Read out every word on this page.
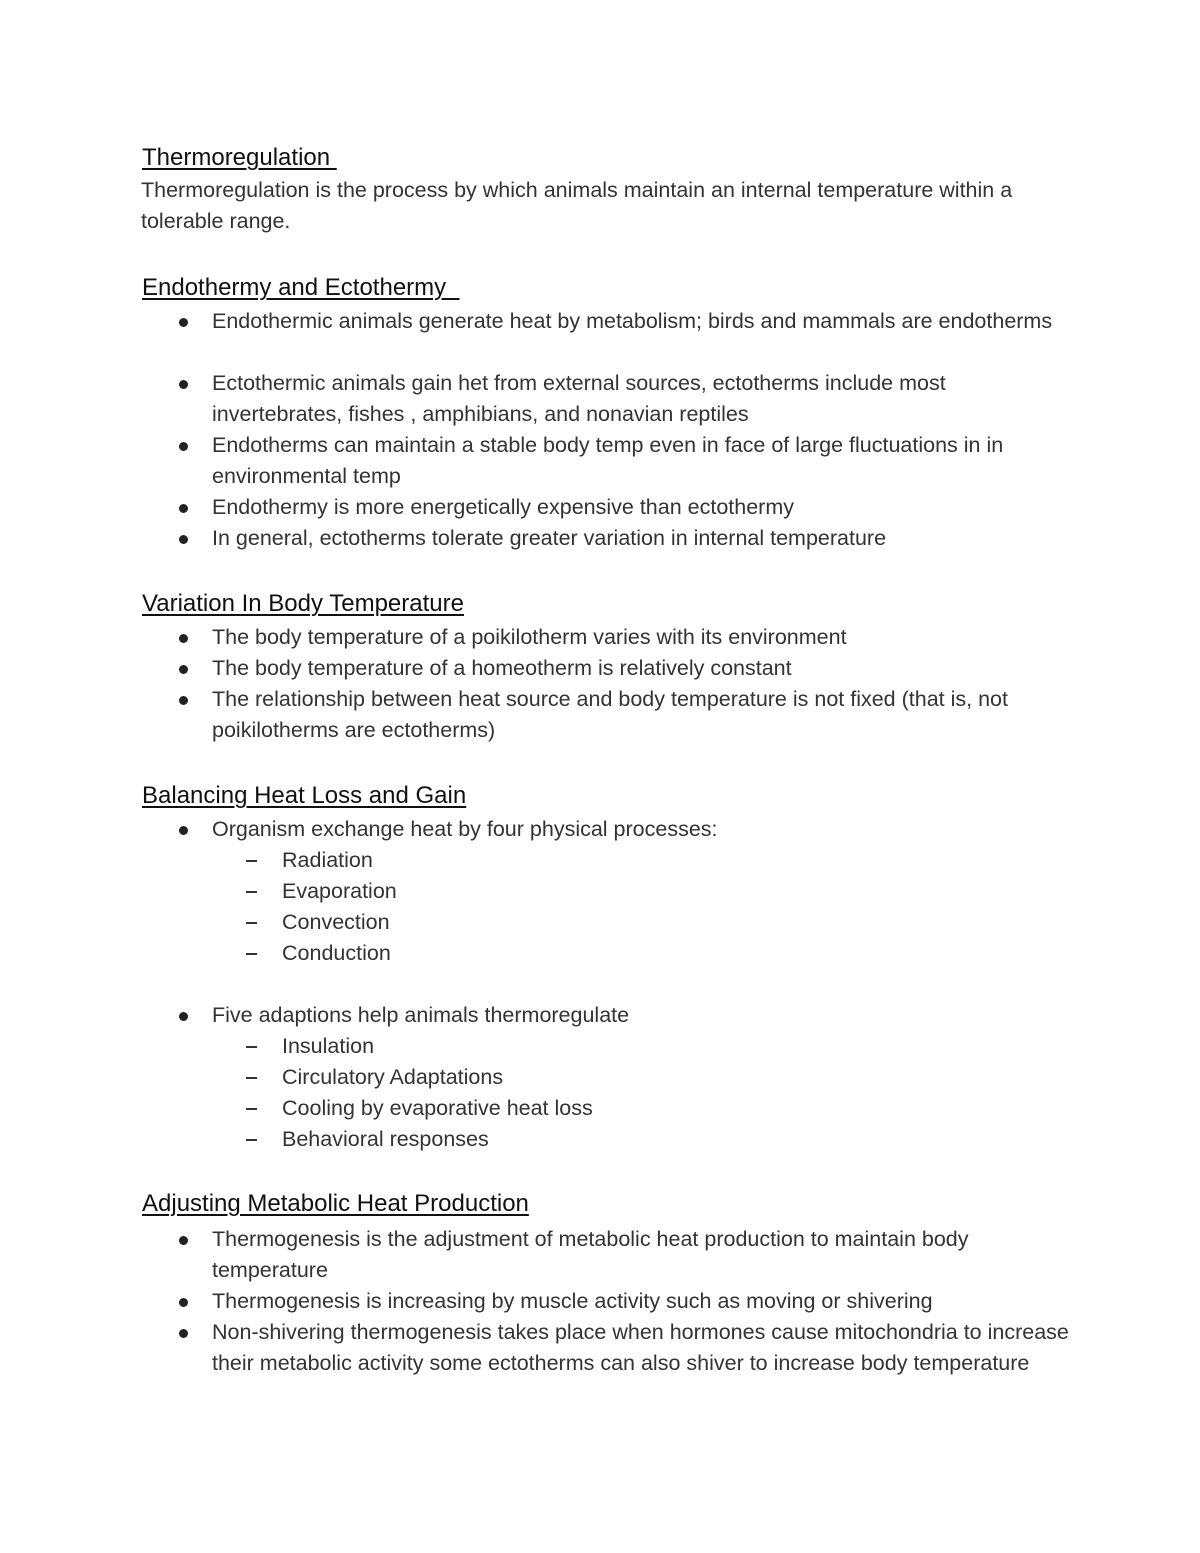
Thermoregulation
Thermoregulation is the process by which animals maintain an internal temperature within a tolerable range.
Endothermy and Ectothermy
Endothermic animals generate heat by metabolism; birds and mammals are endotherms
Ectothermic animals gain het from external sources, ectotherms include most invertebrates, fishes , amphibians, and nonavian reptiles
Endotherms can maintain a stable body temp even in face of large fluctuations in in environmental temp
Endothermy is more energetically expensive than ectothermy
In general, ectotherms tolerate greater variation in internal temperature
Variation In Body Temperature
The body temperature of a poikilotherm varies with its environment
The body temperature of a homeotherm is relatively constant
The relationship between heat source and body temperature is not fixed (that is, not poikilotherms are ectotherms)
Balancing Heat Loss and Gain
Organism exchange heat by four physical processes:
Radiation
Evaporation
Convection
Conduction
Five adaptions help animals thermoregulate
Insulation
Circulatory Adaptations
Cooling by evaporative heat loss
Behavioral responses
Adjusting Metabolic Heat Production
Thermogenesis is the adjustment of metabolic heat production to maintain body temperature
Thermogenesis is increasing by muscle activity such as moving or shivering
Non-shivering thermogenesis takes place when hormones cause mitochondria to increase their metabolic activity some ectotherms can also shiver to increase body temperature
